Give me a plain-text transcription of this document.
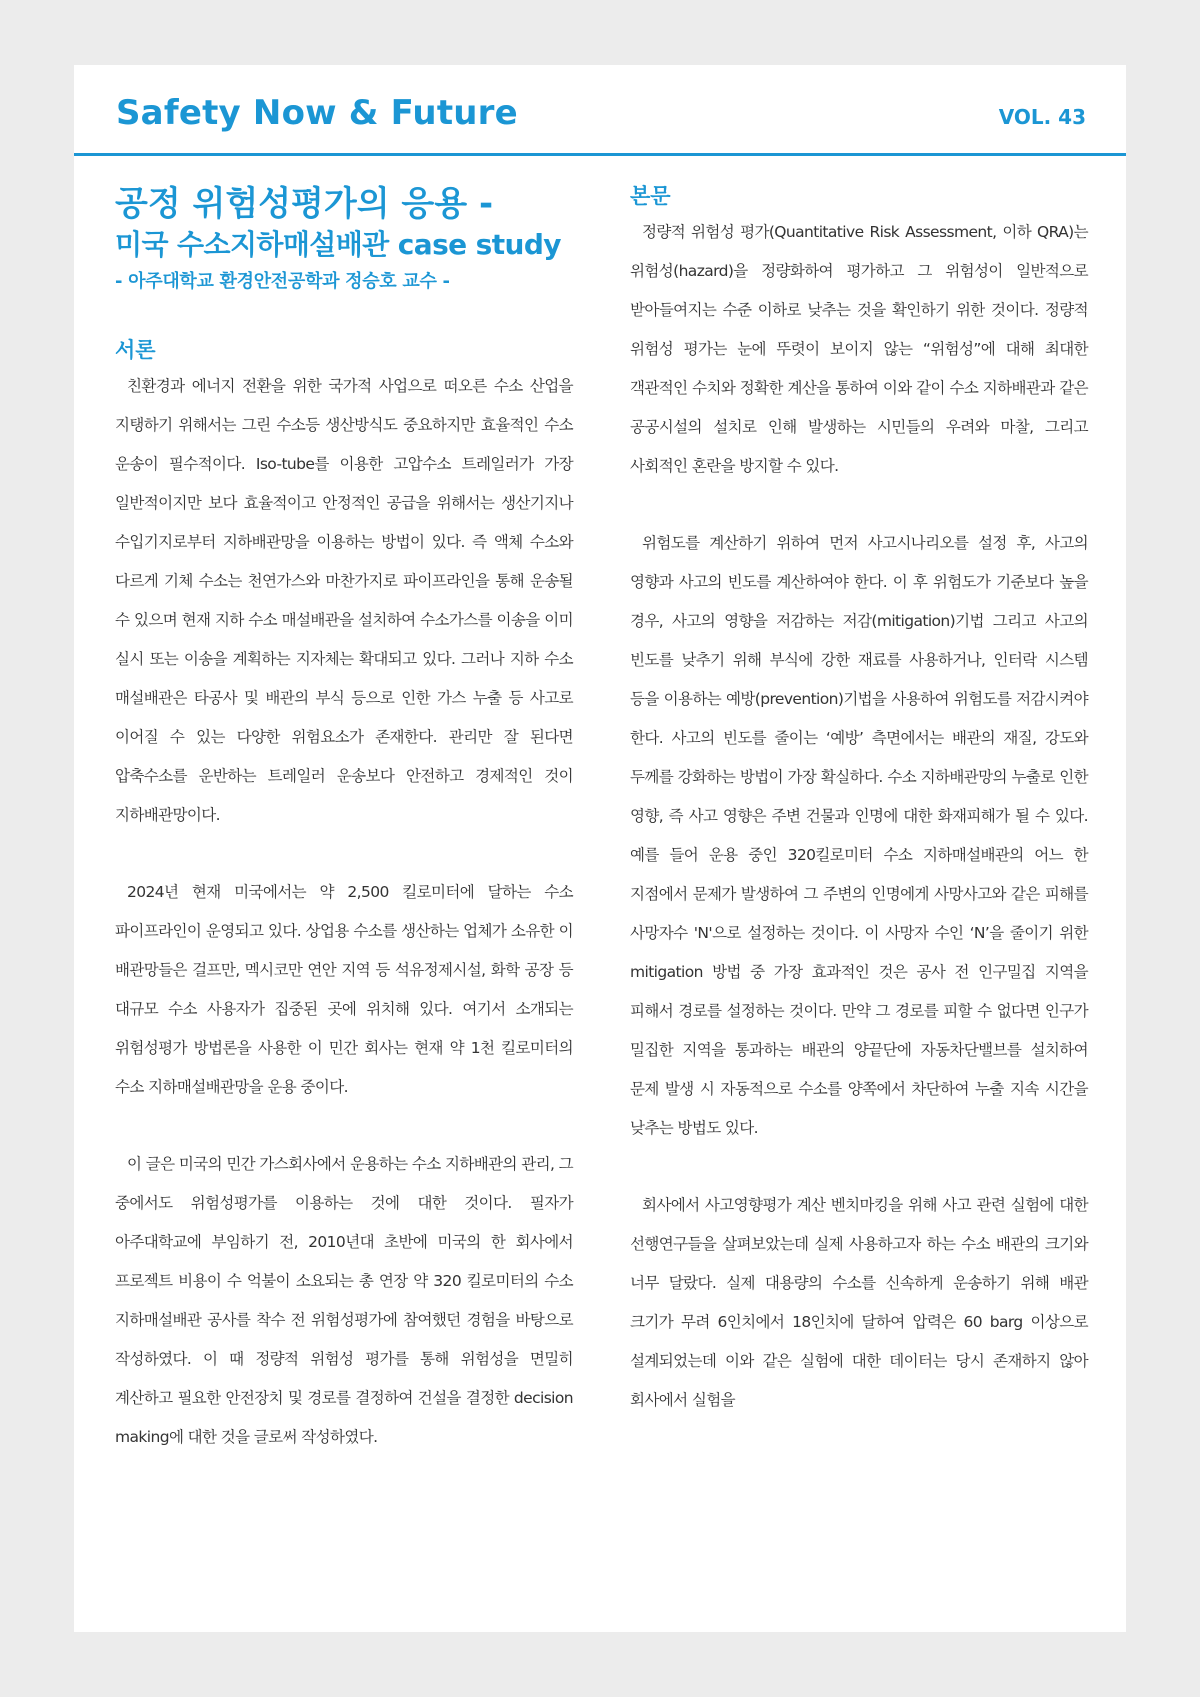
Safety Now & Future	VOL. 43
공정 위험성평가의 응용 -
미국 수소지하매설배관 case study
- 아주대학교 환경안전공학과 정승호 교수 -
서론

친환경과 에너지 전환을 위한 국가적 사업으로 떠오른 수소 산업을 지탱하기 위해서는 그린 수소등 생산방식도 중요하지만 효율적인 수소 운송이 필수적이다. Iso-tube를 이용한 고압수소 트레일러가 가장 일반적이지만 보다 효율적이고 안정적인 공급을 위해서는 생산기지나 수입기지로부터 지하배관망을 이용하는 방법이 있다. 즉 액체 수소와 다르게 기체 수소는 천연가스와 마찬가지로 파이프라인을 통해 운송될 수 있으며 현재 지하 수소 매설배관을 설치하여 수소가스를 이송을 이미 실시 또는 이송을 계획하는 지자체는 확대되고 있다. 그러나 지하 수소 매설배관은 타공사 및 배관의 부식 등으로 인한 가스 누출 등 사고로 이어질 수 있는 다양한 위험요소가 존재한다. 관리만 잘 된다면 압축수소를 운반하는 트레일러 운송보다 안전하고 경제적인 것이 지하배관망이다.

2024년 현재 미국에서는 약 2,500 킬로미터에 달하는 수소 파이프라인이 운영되고 있다. 상업용 수소를 생산하는 업체가 소유한 이 배관망들은 걸프만, 멕시코만 연안 지역 등 석유정제시설, 화학 공장 등 대규모 수소 사용자가 집중된 곳에 위치해 있다. 여기서 소개되는 위험성평가 방법론을 사용한 이 민간 회사는 현재 약 1천 킬로미터의 수소 지하매설배관망을 운용 중이다.

이 글은 미국의 민간 가스회사에서 운용하는 수소 지하배관의 관리, 그 중에서도 위험성평가를 이용하는 것에 대한 것이다. 필자가 아주대학교에 부임하기 전, 2010년대 초반에 미국의 한 회사에서 프로젝트 비용이 수 억불이 소요되는 총 연장 약 320 킬로미터의 수소 지하매설배관 공사를 착수 전 위험성평가에 참여했던 경험을 바탕으로 작성하였다. 이 때 정량적 위험성 평가를 통해 위험성을 면밀히 계산하고 필요한 안전장치 및 경로를 결정하여 건설을 결정한 decision making에 대한 것을 글로써 작성하였다.

본문

정량적 위험성 평가(Quantitative Risk Assessment, 이하 QRA)는 위험성(hazard)을 정량화하여 평가하고 그 위험성이 일반적으로 받아들여지는 수준 이하로 낮추는 것을 확인하기 위한 것이다. 정량적 위험성 평가는 눈에 뚜렷이 보이지 않는 “위험성”에 대해 최대한 객관적인 수치와 정확한 계산을 통하여 이와 같이 수소 지하배관과 같은 공공시설의 설치로 인해 발생하는 시민들의 우려와 마찰, 그리고 사회적인 혼란을 방지할 수 있다.

위험도를 계산하기 위하여 먼저 사고시나리오를 설정 후, 사고의 영향과 사고의 빈도를 계산하여야 한다. 이 후 위험도가 기준보다 높을 경우, 사고의 영향을 저감하는 저감(mitigation)기법 그리고 사고의 빈도를 낮추기 위해 부식에 강한 재료를 사용하거나, 인터락 시스템 등을 이용하는 예방(prevention)기법을 사용하여 위험도를 저감시켜야 한다. 사고의 빈도를 줄이는 ‘예방’ 측면에서는 배관의 재질, 강도와 두께를 강화하는 방법이 가장 확실하다. 수소 지하배관망의 누출로 인한 영향, 즉 사고 영향은 주변 건물과 인명에 대한 화재피해가 될 수 있다. 예를 들어 운용 중인 320킬로미터 수소 지하매설배관의 어느 한 지점에서 문제가 발생하여 그 주변의 인명에게 사망사고와 같은 피해를 사망자수 'N'으로 설정하는 것이다. 이 사망자 수인 ‘N’을 줄이기 위한 mitigation 방법 중 가장 효과적인 것은 공사 전 인구밀집 지역을 피해서 경로를 설정하는 것이다. 만약 그 경로를 피할 수 없다면 인구가 밀집한 지역을 통과하는 배관의 양끝단에 자동차단밸브를 설치하여 문제 발생 시 자동적으로 수소를 양쪽에서 차단하여 누출 지속 시간을 낮추는 방법도 있다.

회사에서 사고영향평가 계산 벤치마킹을 위해 사고 관련 실험에 대한 선행연구들을 살펴보았는데 실제 사용하고자 하는 수소 배관의 크기와 너무 달랐다. 실제 대용량의 수소를 신속하게 운송하기 위해 배관 크기가 무려 6인치에서 18인치에 달하여 압력은 60 barg 이상으로 설계되었는데 이와 같은 실험에 대한 데이터는 당시 존재하지 않아 회사에서 실험을
